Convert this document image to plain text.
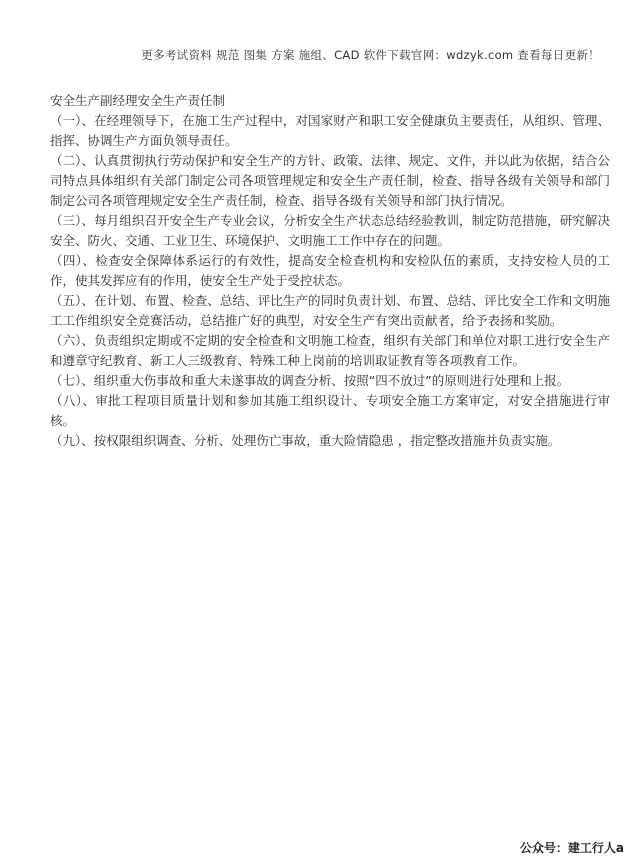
更多考试资料 规范 图集 方案 施组、CAD 软件下载官网：wdzyk.com 查看每日更新！
安全生产副经理安全生产责任制

（一）、在经理领导下，在施工生产过程中，对国家财产和职工安全健康负主要责任，从组织、管理、指挥、协调生产方面负领导责任。

（二）、认真贯彻执行劳动保护和安全生产的方针、政策、法律、规定、文件，并以此为依据，结合公司特点具体组织有关部门制定公司各项管理规定和安全生产责任制，检查、指导各级有关领导和部门制定公司各项管理规定安全生产责任制，检查、指导各级有关领导和部门执行情况。

（三）、每月组织召开安全生产专业会议，分析安全生产状态总结经验教训，制定防范措施，研究解决安全、防火、交通、工业卫生、环境保护、文明施工工作中存在的问题。

（四）、检查安全保障体系运行的有效性，提高安全检查机构和安检队伍的素质，支持安检人员的工作，使其发挥应有的作用，使安全生产处于受控状态。

（五）、在计划、布置、检查、总结、评比生产的同时负责计划、布置、总结、评比安全工作和文明施工工作组织安全竞赛活动，总结推广好的典型，对安全生产有突出贡献者，给予表扬和奖励。

（六）、负责组织定期或不定期的安全检查和文明施工检查，组织有关部门和单位对职工进行安全生产和遵章守纪教育、新工人三级教育、特殊工种上岗前的培训取证教育等各项教育工作。

（七）、组织重大伤事故和重大未遂事故的调查分析、按照“四不放过”的原则进行处理和上报。

（八）、审批工程项目质量计划和参加其施工组织设计、专项安全施工方案审定，对安全措施进行审核。

（九）、按权限组织调查、分析、处理伤亡事故，重大险情隐患 ，指定整改措施并负责实施。

公众号：建工行人a
